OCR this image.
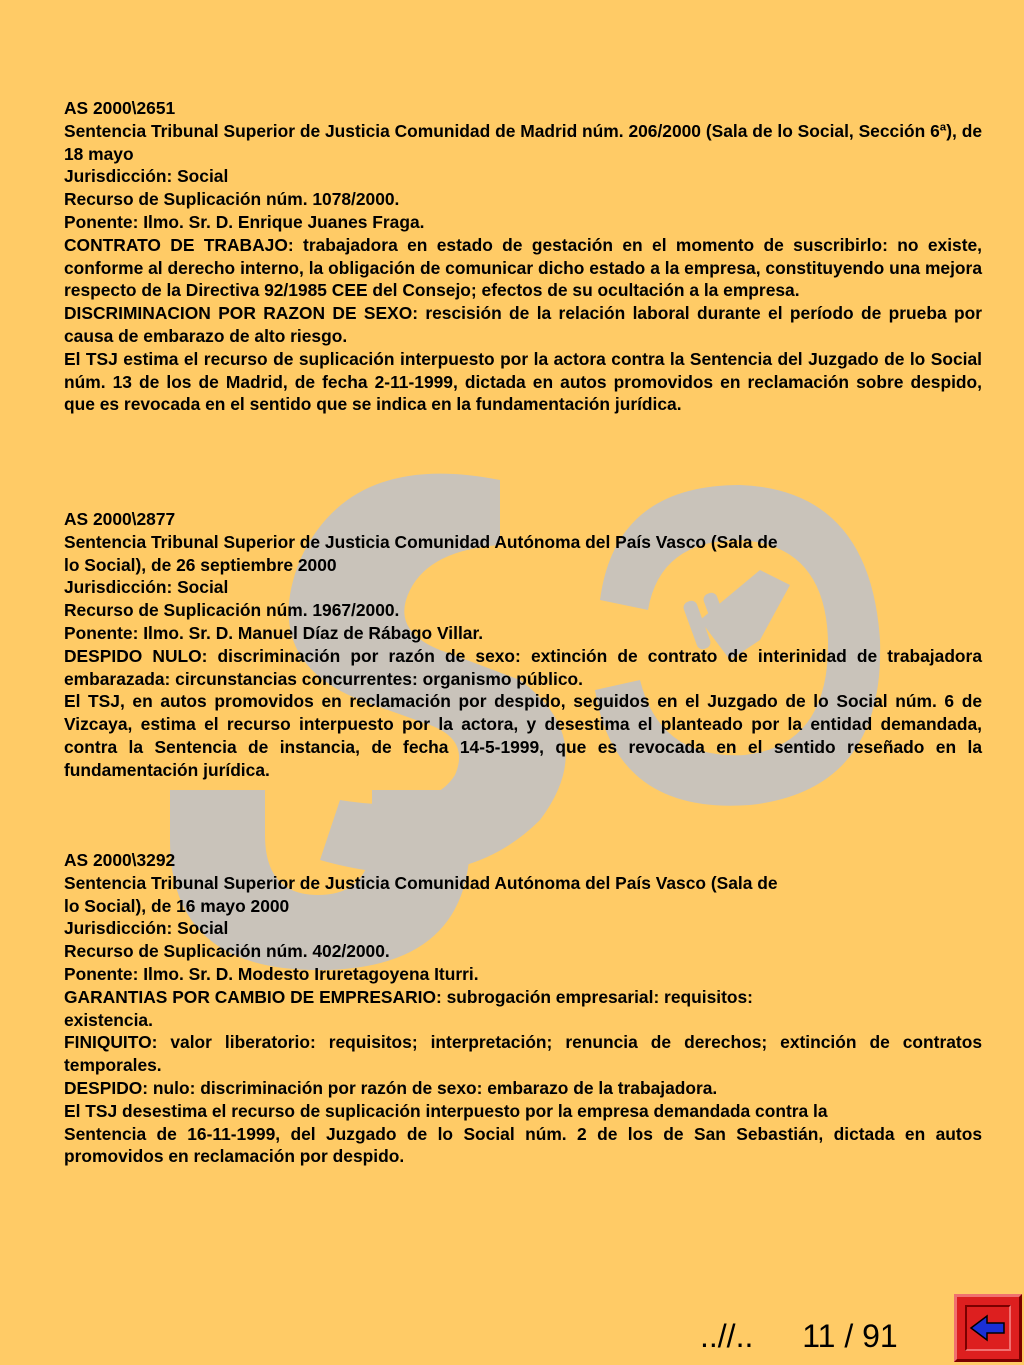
AS 2000\2651

Sentencia Tribunal Superior de Justicia Comunidad de Madrid núm. 206/2000 (Sala de lo Social, Sección 6ª), de 18 mayo

Jurisdicción: Social

Recurso de Suplicación núm. 1078/2000.

Ponente: Ilmo. Sr. D. Enrique Juanes Fraga.

CONTRATO DE TRABAJO: trabajadora en estado de gestación en el momento de suscribirlo: no existe, conforme al derecho interno, la obligación de comunicar dicho estado a la empresa, constituyendo una mejora respecto de la Directiva 92/1985 CEE del Consejo; efectos de su ocultación a la empresa.

DISCRIMINACION POR RAZON DE SEXO: rescisión de la relación laboral durante el período de prueba por causa de embarazo de alto riesgo.

El TSJ estima el recurso de suplicación interpuesto por la actora contra la Sentencia del Juzgado de lo Social núm. 13 de los de Madrid, de fecha 2-11-1999, dictada en autos promovidos en reclamación sobre despido, que es revocada en el sentido que se indica en la fundamentación jurídica.

AS 2000\2877

Sentencia Tribunal Superior de Justicia Comunidad Autónoma del País Vasco (Sala de

lo Social), de 26 septiembre 2000

Jurisdicción: Social

Recurso de Suplicación núm. 1967/2000.

Ponente: Ilmo. Sr. D. Manuel Díaz de Rábago Villar.

DESPIDO NULO: discriminación por razón de sexo: extinción de contrato de interinidad de trabajadora embarazada: circunstancias concurrentes: organismo público.

El TSJ, en autos promovidos en reclamación por despido, seguidos en el Juzgado de lo Social núm. 6 de Vizcaya, estima el recurso interpuesto por la actora, y desestima el planteado por la entidad demandada, contra la Sentencia de instancia, de fecha 14-5-1999, que es revocada en el sentido reseñado en la fundamentación jurídica.

AS 2000\3292

Sentencia Tribunal Superior de Justicia Comunidad Autónoma del País Vasco (Sala de

lo Social), de 16 mayo 2000

Jurisdicción: Social

Recurso de Suplicación núm. 402/2000.

Ponente: Ilmo. Sr. D. Modesto Iruretagoyena Iturri.

GARANTIAS POR CAMBIO DE EMPRESARIO: subrogación empresarial: requisitos:

existencia.

FINIQUITO: valor liberatorio: requisitos; interpretación; renuncia de derechos; extinción de contratos temporales.

DESPIDO: nulo: discriminación por razón de sexo: embarazo de la trabajadora.

El TSJ desestima el recurso de suplicación interpuesto por la empresa demandada contra la

Sentencia de 16-11-1999, del Juzgado de lo Social núm. 2 de los de San Sebastián, dictada en autos promovidos en reclamación por despido.

..//.. 11 / 91
